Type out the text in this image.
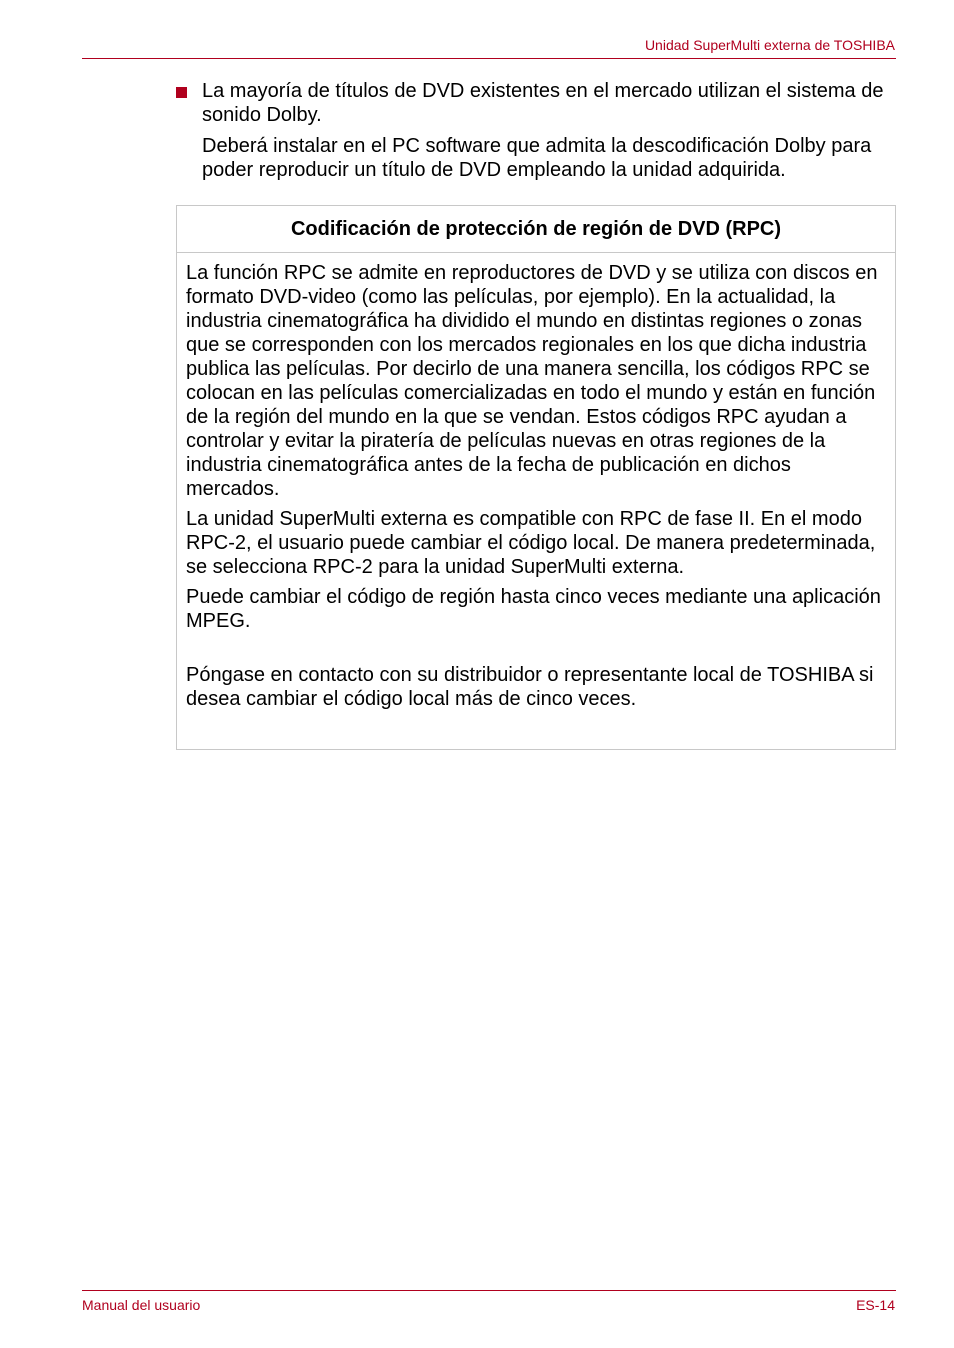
Unidad SuperMulti externa de TOSHIBA

La mayoría de títulos de DVD existentes en el mercado utilizan el sistema de sonido Dolby.

Deberá instalar en el PC software que admita la descodificación Dolby para poder reproducir un título de DVD empleando la unidad adquirida.

Codificación de protección de región de DVD (RPC)

La función RPC se admite en reproductores de DVD y se utiliza con discos en formato DVD-video (como las películas, por ejemplo). En la actualidad, la industria cinematográfica ha dividido el mundo en distintas regiones o zonas que se corresponden con los mercados regionales en los que dicha industria publica las películas. Por decirlo de una manera sencilla, los códigos RPC se colocan en las películas comercializadas en todo el mundo y están en función de la región del mundo en la que se vendan. Estos códigos RPC ayudan a controlar y evitar la piratería de películas nuevas en otras regiones de la industria cinematográfica antes de la fecha de publicación en dichos mercados.

La unidad SuperMulti externa es compatible con RPC de fase II. En el modo RPC-2, el usuario puede cambiar el código local. De manera predeterminada, se selecciona RPC-2 para la unidad SuperMulti externa.

Puede cambiar el código de región hasta cinco veces mediante una aplicación MPEG.

Póngase en contacto con su distribuidor o representante local de TOSHIBA si desea cambiar el código local más de cinco veces.

Manual del usuario	ES-14
